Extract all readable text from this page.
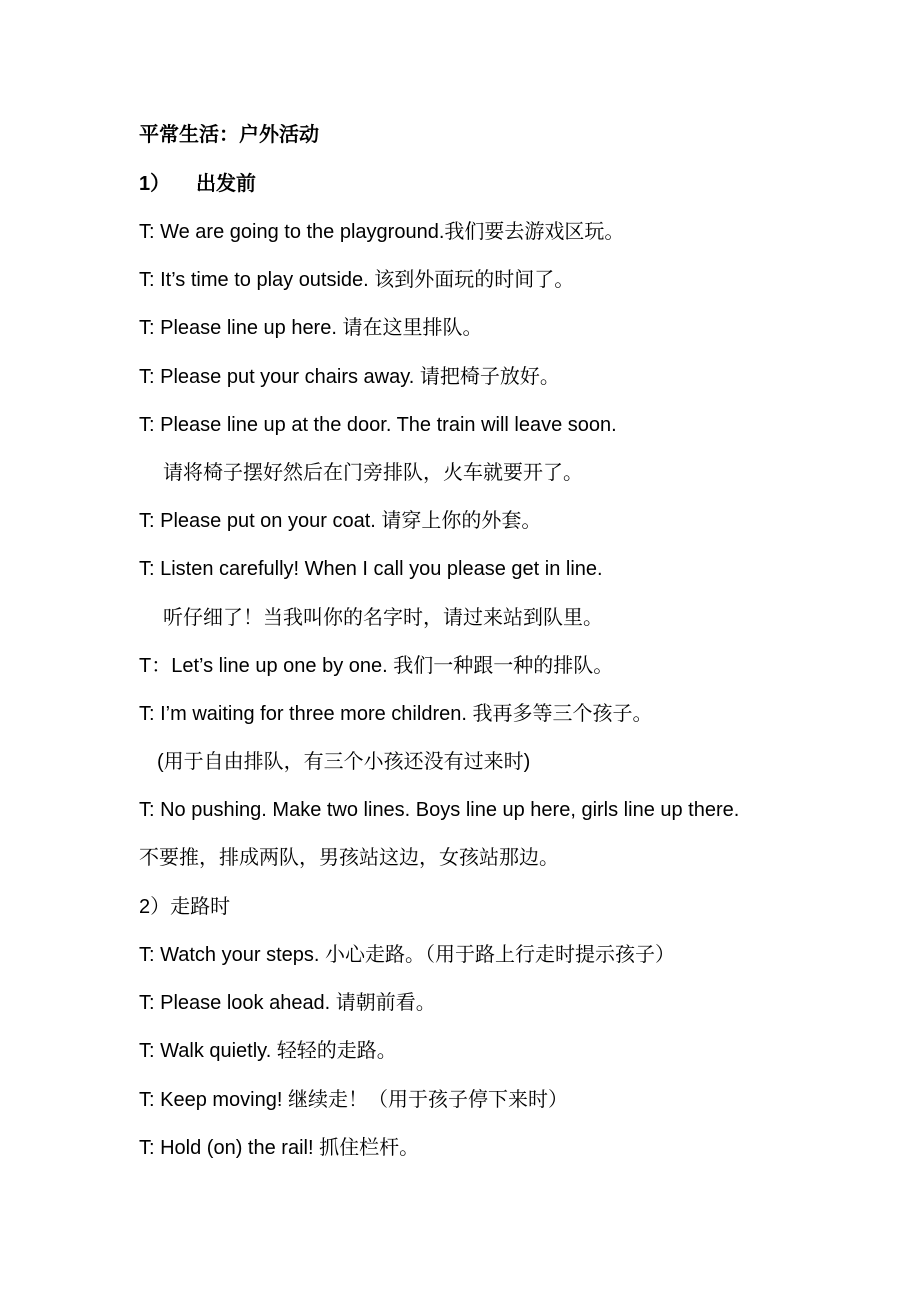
平常生活：户外活动
1） 出发前
T: We are going to the playground.我们要去游戏区玩。
T: It’s time to play outside. 该到外面玩的时间了。
T: Please line up here. 请在这里排队。
T: Please put your chairs away. 请把椅子放好。
T: Please line up at the door. The train will leave soon.
请将椅子摆好然后在门旁排队，火车就要开了。
T: Please put on your coat. 请穿上你的外套。
T: Listen carefully! When I call you please get in line.
听仔细了！当我叫你的名字时，请过来站到队里。
T：Let’s line up one by one. 我们一种跟一种的排队。
T: I’m waiting for three more children. 我再多等三个孩子。
(用于自由排队，有三个小孩还没有过来时)
T: No pushing. Make two lines. Boys line up here, girls line up there.
不要推，排成两队，男孩站这边，女孩站那边。
2）走路时
T: Watch your steps. 小心走路。（用于路上行走时提示孩子）
T: Please look ahead. 请朝前看。
T: Walk quietly. 轻轻的走路。
T: Keep moving! 继续走！（用于孩子停下来时）
T: Hold (on) the rail! 抓住栏杆。
